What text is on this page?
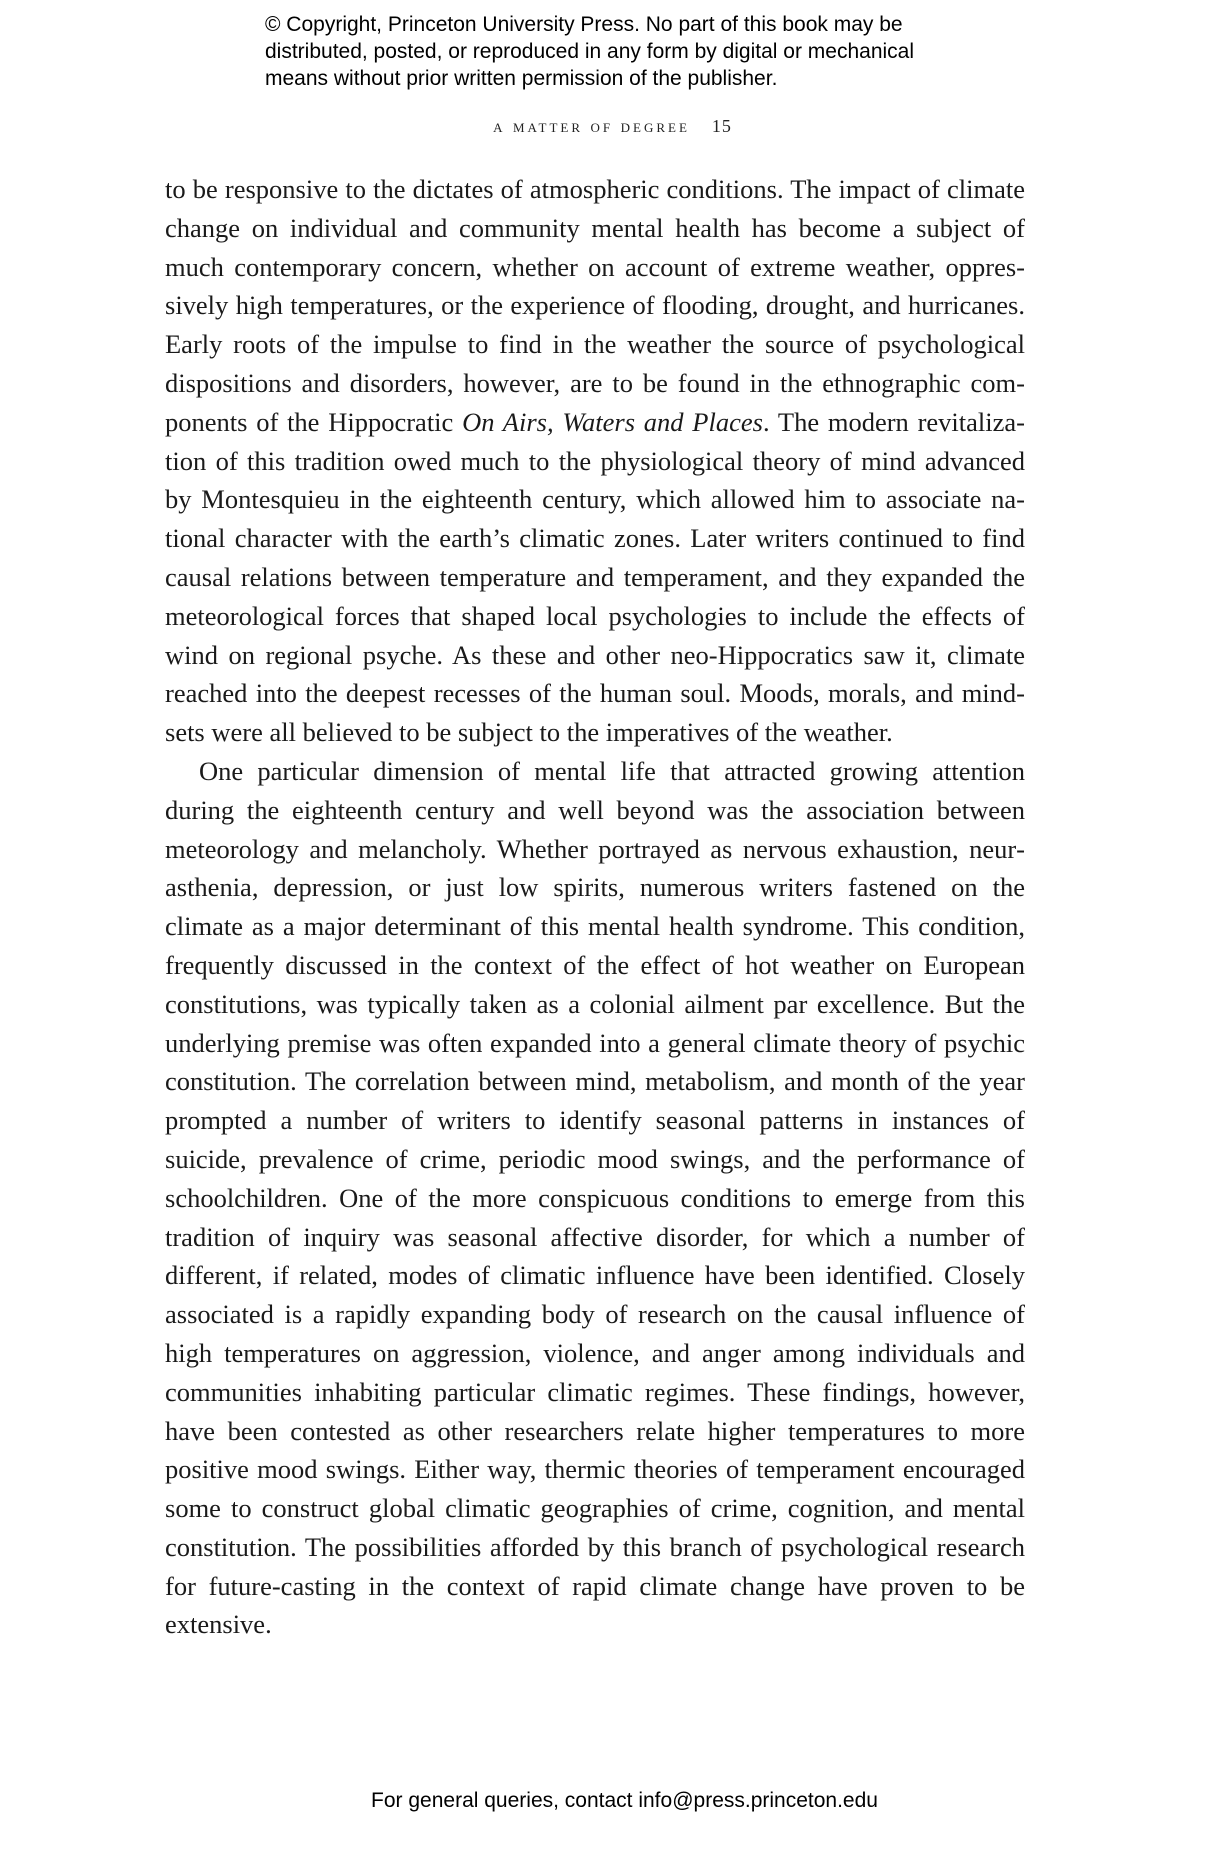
© Copyright, Princeton University Press. No part of this book may be
distributed, posted, or reproduced in any form by digital or mechanical
means without prior written permission of the publisher.
a matter of degree 15

to be responsive to the dictates of atmospheric conditions. The impact of climate change on individual and community mental health has become a subject of much contemporary concern, whether on account of extreme weather, oppressively high temperatures, or the experience of flooding, drought, and hurricanes. Early roots of the impulse to find in the weather the source of psychological dispositions and disorders, however, are to be found in the ethnographic components of the Hippocratic On Airs, Waters and Places. The modern revitalization of this tradition owed much to the physiological theory of mind advanced by Montesquieu in the eighteenth century, which allowed him to associate national character with the earth’s climatic zones. Later writers continued to find causal relations between temperature and temperament, and they expanded the meteorological forces that shaped local psychologies to include the effects of wind on regional psyche. As these and other neo-Hippocratics saw it, climate reached into the deepest recesses of the human soul. Moods, morals, and mindsets were all believed to be subject to the imperatives of the weather.

One particular dimension of mental life that attracted growing attention during the eighteenth century and well beyond was the association between meteorology and melancholy. Whether portrayed as nervous exhaustion, neurasthenia, depression, or just low spirits, numerous writers fastened on the climate as a major determinant of this mental health syndrome. This condition, frequently discussed in the context of the effect of hot weather on European constitutions, was typically taken as a colonial ailment par excellence. But the underlying premise was often expanded into a general climate theory of psychic constitution. The correlation between mind, metabolism, and month of the year prompted a number of writers to identify seasonal patterns in instances of suicide, prevalence of crime, periodic mood swings, and the performance of schoolchildren. One of the more conspicuous conditions to emerge from this tradition of inquiry was seasonal affective disorder, for which a number of different, if related, modes of climatic influence have been identified. Closely associated is a rapidly expanding body of research on the causal influence of high temperatures on aggression, violence, and anger among individuals and communities inhabiting particular climatic regimes. These findings, however, have been contested as other researchers relate higher temperatures to more positive mood swings. Either way, thermic theories of temperament encouraged some to construct global climatic geographies of crime, cognition, and mental constitution. The possibilities afforded by this branch of psychological research for future-casting in the context of rapid climate change have proven to be extensive.

For general queries, contact info@press.princeton.edu
